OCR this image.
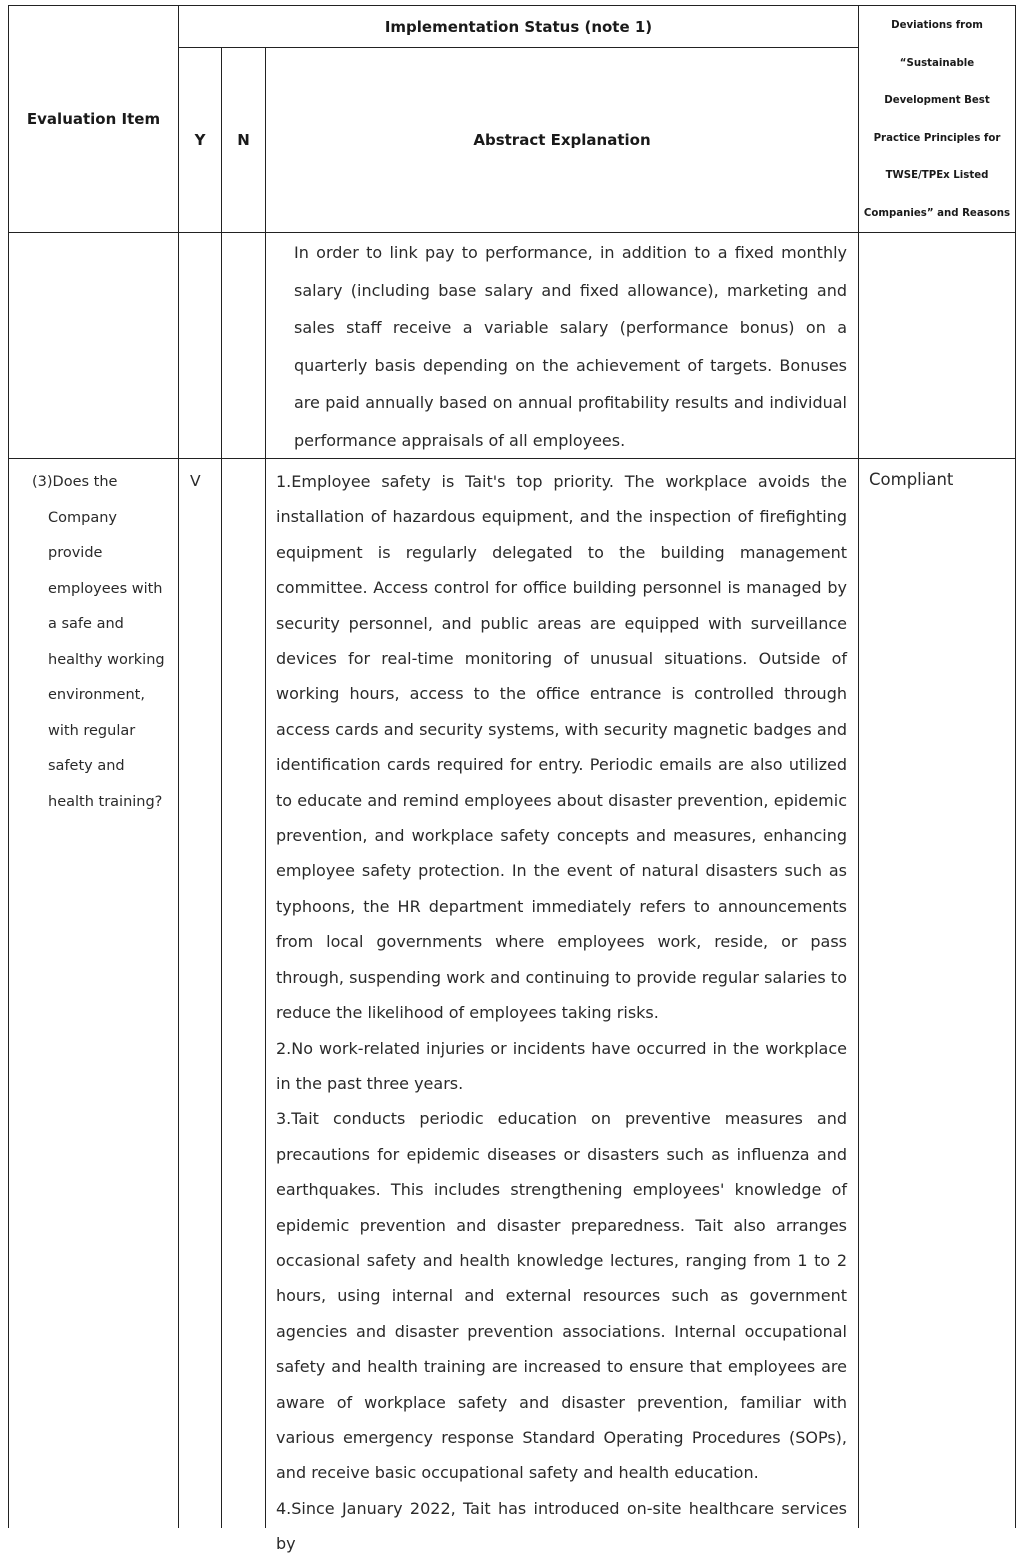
Evaluation Item
Implementation Status (note 1)
Y N	Abstract Explanation
Deviations from
“Sustainable
Development Best
Practice Principles for
TWSE/TPEx Listed
Companies” and Reasons
In order to link pay to performance, in addition to a fixed monthly salary (including base salary and fixed allowance), marketing and sales staff receive a variable salary (performance bonus) on a quarterly basis depending on the achievement of targets. Bonuses are paid annually based on annual profitability results and individual performance appraisals of all employees.
(3)Does the
Company
provide
employees with
a safe and
healthy working
environment,
with regular
safety and
health training?
V	1.Employee safety is Tait's top priority. The workplace avoids the installation of hazardous equipment, and the inspection of firefighting equipment is regularly delegated to the building management committee. Access control for office building personnel is managed by security personnel, and public areas are equipped with surveillance devices for real-time monitoring of unusual situations. Outside of working hours, access to the office entrance is controlled through access cards and security systems, with security magnetic badges and identification cards required for entry. Periodic emails are also utilized to educate and remind employees about disaster prevention, epidemic prevention, and workplace safety concepts and measures, enhancing employee safety protection. In the event of natural disasters such as typhoons, the HR department immediately refers to announcements from local governments where employees work, reside, or pass through, suspending work and continuing to provide regular salaries to reduce the likelihood of employees taking risks.
2.No work-related injuries or incidents have occurred in the workplace in the past three years.
3.Tait conducts periodic education on preventive measures and precautions for epidemic diseases or disasters such as influenza and earthquakes. This includes strengthening employees' knowledge of epidemic prevention and disaster preparedness. Tait also arranges occasional safety and health knowledge lectures, ranging from 1 to 2 hours, using internal and external resources such as government agencies and disaster prevention associations. Internal occupational safety and health training are increased to ensure that employees are aware of workplace safety and disaster prevention, familiar with various emergency response Standard Operating Procedures (SOPs), and receive basic occupational safety and health education.
4.Since January 2022, Tait has introduced on-site healthcare services by
Compliant
